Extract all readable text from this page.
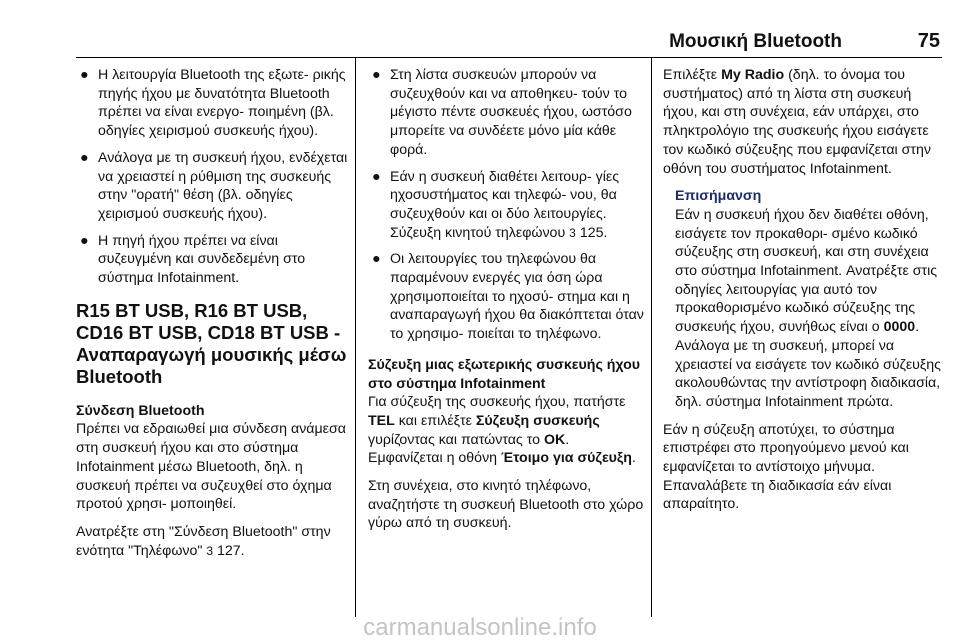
Μουσική Bluetooth	75
● Η λειτουργία Bluetooth της εξωτε- ρικής πηγής ήχου με δυνατότητα Bluetooth πρέπει να είναι ενεργο- ποιημένη (βλ. οδηγίες χειρισμού συσκευής ήχου).
● Ανάλογα με τη συσκευή ήχου, ενδέχεται να χρειαστεί η ρύθμιση της συσκευής στην "ορατή" θέση (βλ. οδηγίες χειρισμού συσκευής ήχου).
● Η πηγή ήχου πρέπει να είναι συζευγμένη και συνδεδεμένη στο σύστημα Infotainment.
R15 BT USB, R16 BT USB, CD16 BT USB, CD18 BT USB - Αναπαραγωγή μουσικής μέσω Bluetooth
Σύνδεση Bluetooth

Πρέπει να εδραιωθεί μια σύνδεση ανάμεσα στη συσκευή ήχου και στο σύστημα Infotainment μέσω Bluetooth, δηλ. η συσκευή πρέπει να συζευχθεί στο όχημα προτού χρησι- μοποιηθεί.

Ανατρέξτε στη "Σύνδεση Bluetooth" στην ενότητα "Τηλέφωνο" 3 127.

● Στη λίστα συσκευών μπορούν να συζευχθούν και να αποθηκευ- τούν το μέγιστο πέντε συσκευές ήχου, ωστόσο μπορείτε να συνδέετε μόνο μία κάθε φορά.
● Εάν η συσκευή διαθέτει λειτουρ- γίες ηχοσυστήματος και τηλεφώ- νου, θα συζευχθούν και οι δύο λειτουργίες. Σύζευξη κινητού τηλεφώνου 3 125.
● Οι λειτουργίες του τηλεφώνου θα παραμένουν ενεργές για όση ώρα χρησιμοποιείται το ηχοσύ- στημα και η αναπαραγωγή ήχου θα διακόπτεται όταν το χρησιμο- ποιείται το τηλέφωνο.
Σύζευξη μιας εξωτερικής συσκευής ήχου στο σύστημα Infotainment

Για σύζευξη της συσκευής ήχου, πατήστε TEL και επιλέξτε Σύζευξη συσκευής γυρίζοντας και πατώντας το OK. Εμφανίζεται η οθόνη Έτοιμο για σύζευξη.

Στη συνέχεια, στο κινητό τηλέφωνο, αναζητήστε τη συσκευή Bluetooth στο χώρο γύρω από τη συσκευή.

Επιλέξτε My Radio (δηλ. το όνομα του συστήματος) από τη λίστα στη συσκευή ήχου, και στη συνέχεια, εάν υπάρχει, στο πληκτρολόγιο της συσκευής ήχου εισάγετε τον κωδικό σύζευξης που εμφανίζεται στην οθόνη του συστήματος Infotainment.

Επισήμανση
Εάν η συσκευή ήχου δεν διαθέτει οθόνη, εισάγετε τον προκαθορι- σμένο κωδικό σύζευξης στη συσκευή, και στη συνέχεια στο σύστημα Infotainment. Ανατρέξτε στις οδηγίες λειτουργίας για αυτό τον προκαθορισμένο κωδικό σύζευξης της συσκευής ήχου, συνήθως είναι ο 0000. Ανάλογα με τη συσκευή, μπορεί να χρειαστεί να εισάγετε τον κωδικό σύζευξης ακολουθώντας την αντίστροφη διαδικασία, δηλ. σύστημα Infotainment πρώτα.

Εάν η σύζευξη αποτύχει, το σύστημα επιστρέφει στο προηγούμενο μενού και εμφανίζεται το αντίστοιχο μήνυμα. Επαναλάβετε τη διαδικασία εάν είναι απαραίτητο.

carmanualsonline.info
